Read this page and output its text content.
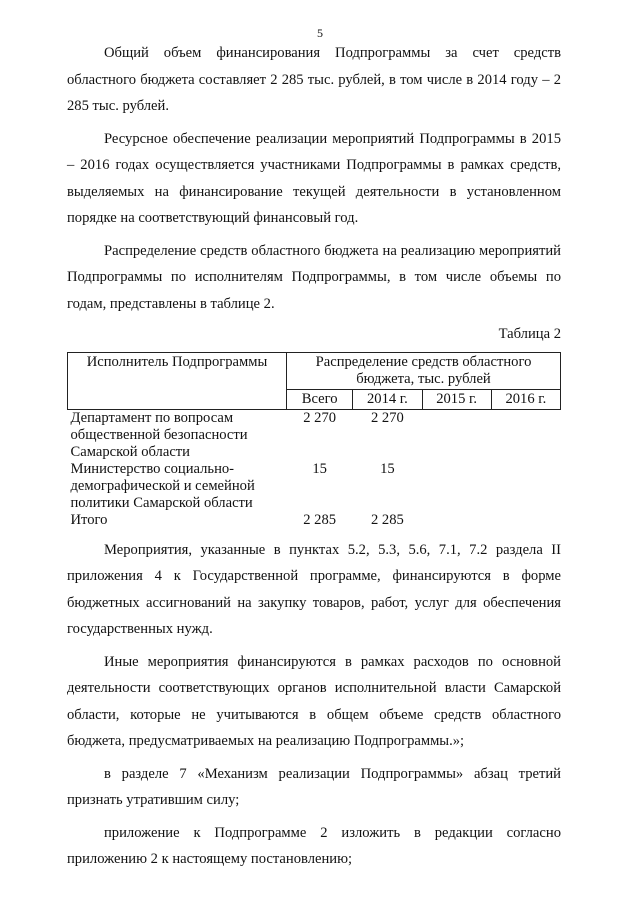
5

Общий объем финансирования Подпрограммы за счет средств областного бюджета составляет 2 285 тыс. рублей, в том числе в 2014 году – 2 285 тыс. рублей.

Ресурсное обеспечение реализации мероприятий Подпрограммы в 2015 – 2016 годах осуществляется участниками Подпрограммы в рамках средств, выделяемых на финансирование текущей деятельности в установленном порядке на соответствующий финансовый год.

Распределение средств областного бюджета на реализацию мероприятий Подпрограммы по исполнителям Подпрограммы, в том числе объемы по годам, представлены в таблице 2.

Таблица 2
Исполнитель Подпрограммы	Распределение средств областного бюджета, тыс. рублей			
	Всего	2014 г.	2015 г.	2016 г.
Департамент по вопросам общественной безопасности Самарской области	2 270	2 270		
Министерство социально-демографической и семейной политики Самарской области	15	15		
Итого	2 285	2 285		

Мероприятия, указанные в пунктах 5.2, 5.3, 5.6, 7.1, 7.2 раздела II приложения 4 к Государственной программе, финансируются в форме бюджетных ассигнований на закупку товаров, работ, услуг для обеспечения государственных нужд.

Иные мероприятия финансируются в рамках расходов по основной деятельности соответствующих органов исполнительной власти Самарской области, которые не учитываются в общем объеме средств областного бюджета, предусматриваемых на реализацию Подпрограммы.»;

в разделе 7 «Механизм реализации Подпрограммы» абзац третий признать утратившим силу;

приложение к Подпрограмме 2 изложить в редакции согласно приложению 2 к настоящему постановлению;
